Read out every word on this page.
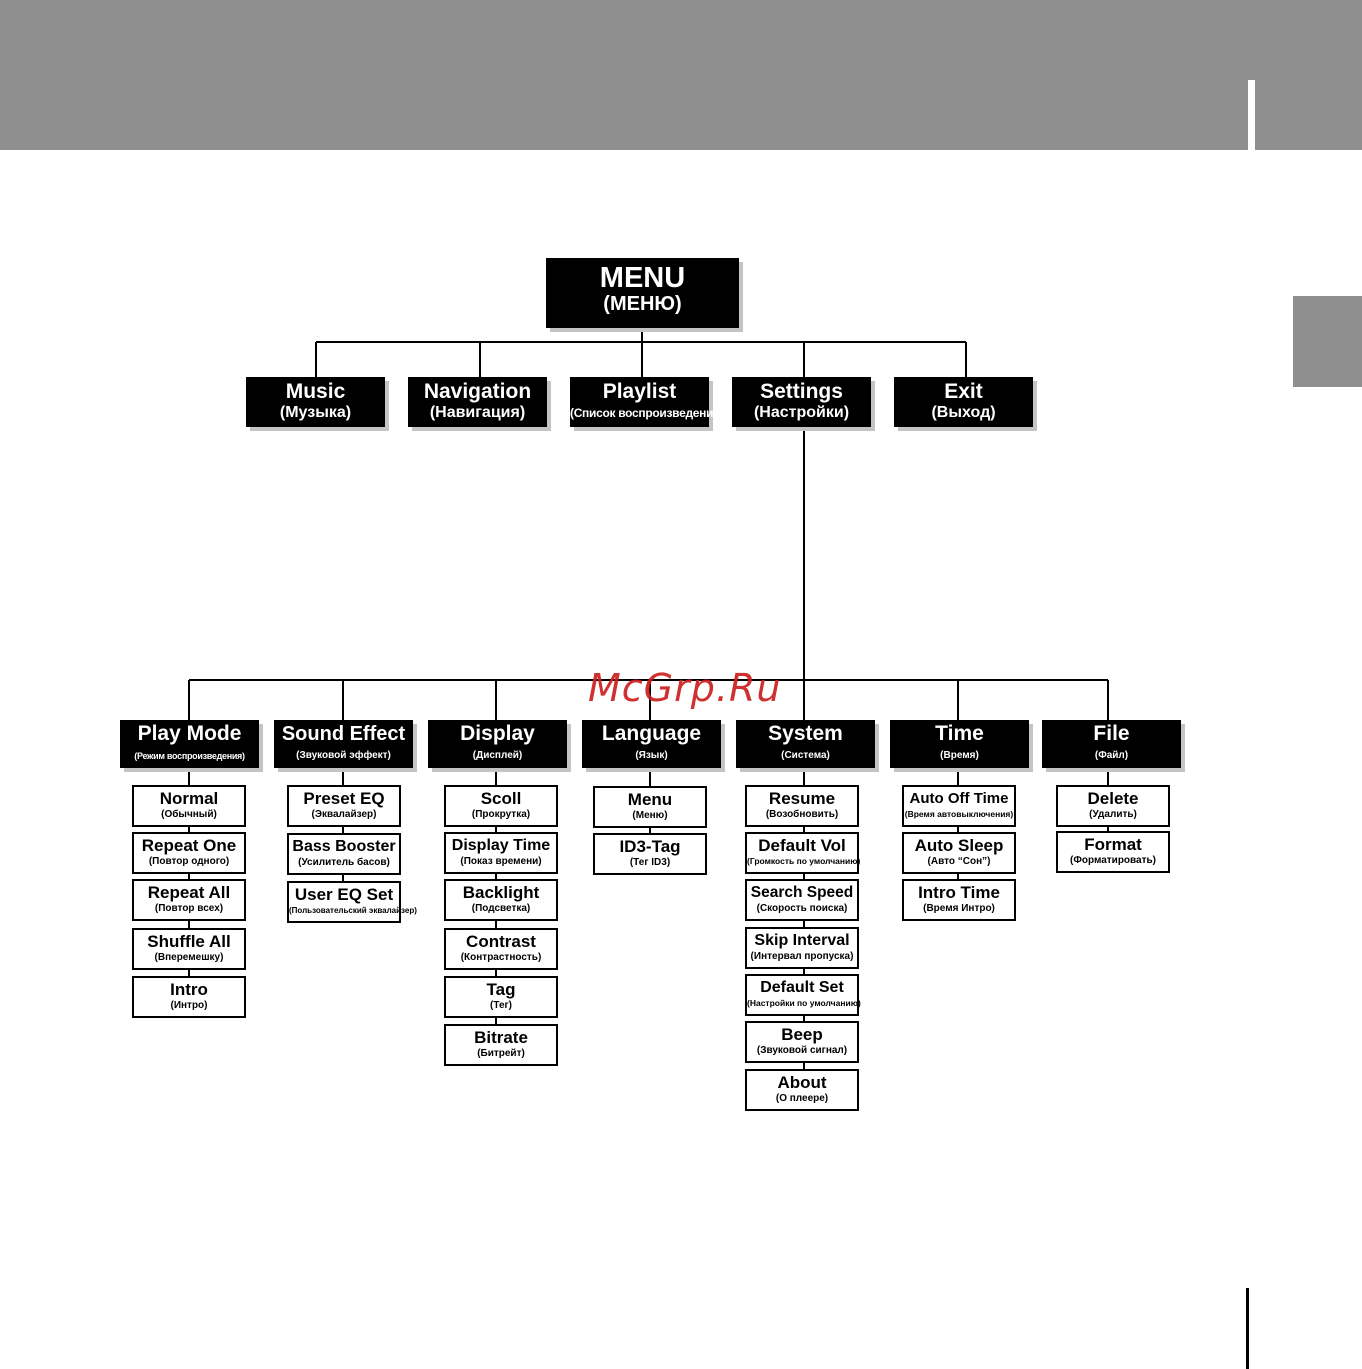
MENU
(МЕНЮ)
Music
(Музыка)
Navigation
(Навигация)
Playlist
(Список воспроизведения)
Settings
(Настройки)
Exit
(Выход)
Play Mode
(Режим воспроизведения)
Sound Effect
(Звуковой эффект)
Display
(Дисплей)
Language
(Язык)
System
(Система)
Time
(Время)
File
(Файл)
Normal
(Обычный)
Repeat One
(Повтор одного)
Repeat All
(Повтор всех)
Shuffle All
(Вперемешку)
Intro
(Интро)
Preset EQ
(Эквалайзер)
Bass Booster
(Усилитель басов)
User EQ Set
(Пользовательский эквалайзер)
Scoll
(Прокрутка)
Display Time
(Показ времени)
Backlight
(Подсветка)
Contrast
(Контрастность)
Tag
(Тег)
Bitrate
(Битрейт)
Menu
(Меню)
ID3-Tag
(Тег ID3)
Resume
(Возобновить)
Default Vol
(Громкость по умолчанию)
Search Speed
(Скорость поиска)
Skip Interval
(Интервал пропуска)
Default Set
(Настройки по умолчанию)
Beep
(Звуковой сигнал)
About
(О плеере)
Auto Off Time
(Время автовыключения)
Auto Sleep
(Авто “Сон”)
Intro Time
(Время Интро)
Delete
(Удалить)
Format
(Форматировать)
McGrp.Ru
